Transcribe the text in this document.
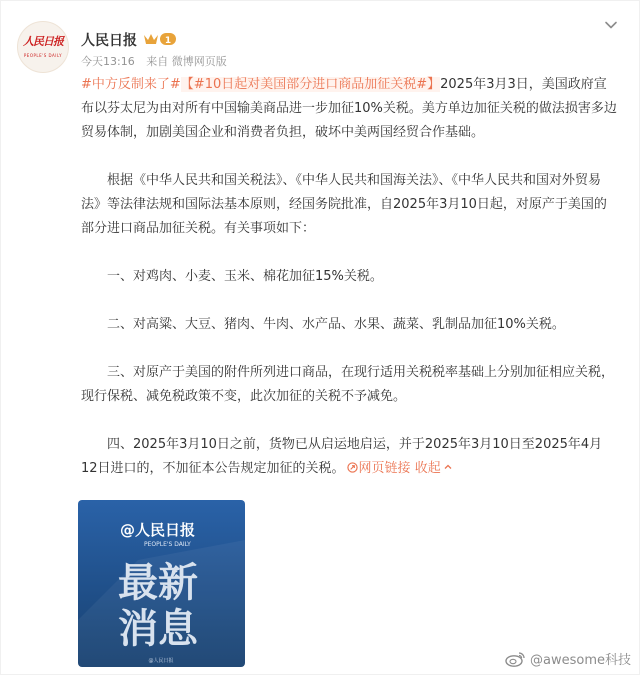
人民日报
PEOPLE'S DAILY
人民日报	1
今天13:16 来自 微博网页版

#中方反制来了#【#10日起对美国部分进口商品加征关税#】2025年3月3日，美国政府宣布以芬太尼为由对所有中国输美商品进一步加征10%关税。美方单边加征关税的做法损害多边贸易体制，加剧美国企业和消费者负担，破坏中美两国经贸合作基础。

根据《中华人民共和国关税法》、《中华人民共和国海关法》、《中华人民共和国对外贸易法》等法律法规和国际法基本原则，经国务院批准，自2025年3月10日起，对原产于美国的部分进口商品加征关税。有关事项如下：

一、对鸡肉、小麦、玉米、棉花加征15%关税。

二、对高粱、大豆、猪肉、牛肉、水产品、水果、蔬菜、乳制品加征10%关税。

三、对原产于美国的附件所列进口商品，在现行适用关税税率基础上分别加征相应关税，现行保税、减免税政策不变，此次加征的关税不予减免。

四、2025年3月10日之前，货物已从启运地启运，并于2025年3月10日至2025年4月12日进口的，不加征本公告规定加征的关税。 网页链接 收起

@人民日报
PEOPLE'S DAILY
最新
消息
@人民日报	@awesome科技
